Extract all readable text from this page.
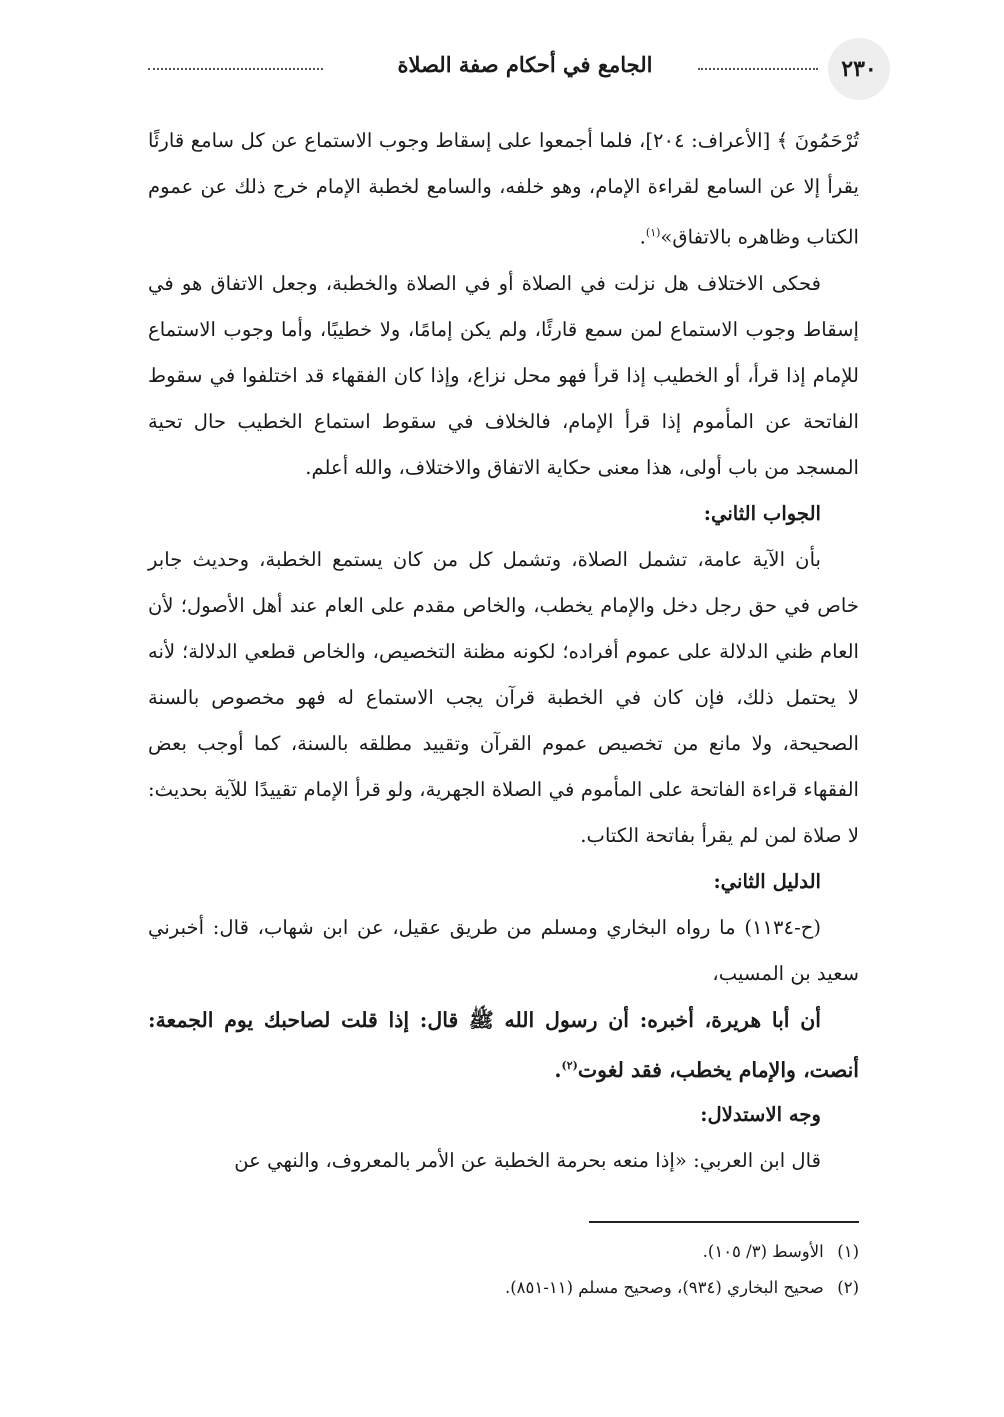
٢٣٠
الجامع في أحكام صفة الصلاة

تُرْحَمُونَ ﴾ [الأعراف: ٢٠٤]، فلما أجمعوا على إسقاط وجوب الاستماع عن كل سامع قارئًا يقرأ إلا عن السامع لقراءة الإمام، وهو خلفه، والسامع لخطبة الإمام خرج ذلك عن عموم الكتاب وظاهره بالاتفاق»$^{(١)}$.

فحكى الاختلاف هل نزلت في الصلاة أو في الصلاة والخطبة، وجعل الاتفاق هو في إسقاط وجوب الاستماع لمن سمع قارئًا، ولم يكن إمامًا، ولا خطيبًا، وأما وجوب الاستماع للإمام إذا قرأ، أو الخطيب إذا قرأ فهو محل نزاع، وإذا كان الفقهاء قد اختلفوا في سقوط الفاتحة عن المأموم إذا قرأ الإمام، فالخلاف في سقوط استماع الخطيب حال تحية المسجد من باب أولى، هذا معنى حكاية الاتفاق والاختلاف، والله أعلم.

الجواب الثاني:

بأن الآية عامة، تشمل الصلاة، وتشمل كل من كان يستمع الخطبة، وحديث جابر خاص في حق رجل دخل والإمام يخطب، والخاص مقدم على العام عند أهل الأصول؛ لأن العام ظني الدلالة على عموم أفراده؛ لكونه مظنة التخصيص، والخاص قطعي الدلالة؛ لأنه لا يحتمل ذلك، فإن كان في الخطبة قرآن يجب الاستماع له فهو مخصوص بالسنة الصحيحة، ولا مانع من تخصيص عموم القرآن وتقييد مطلقه بالسنة، كما أوجب بعض الفقهاء قراءة الفاتحة على المأموم في الصلاة الجهرية، ولو قرأ الإمام تقييدًا للآية بحديث: لا صلاة لمن لم يقرأ بفاتحة الكتاب.

الدليل الثاني:

(ح-١١٣٤) ما رواه البخاري ومسلم من طريق عقيل، عن ابن شهاب، قال: أخبرني سعيد بن المسيب،

أن أبا هريرة، أخبره: أن رسول الله ﷺ قال: إذا قلت لصاحبك يوم الجمعة: أنصت، والإمام يخطب، فقد لغوت$^{(٢)}$.

وجه الاستدلال:

قال ابن العربي: «إذا منعه بحرمة الخطبة عن الأمر بالمعروف، والنهي عن

(١) الأوسط (٣/ ١٠٥).

(٢) صحيح البخاري (٩٣٤)، وصحيح مسلم (١١-٨٥١).
